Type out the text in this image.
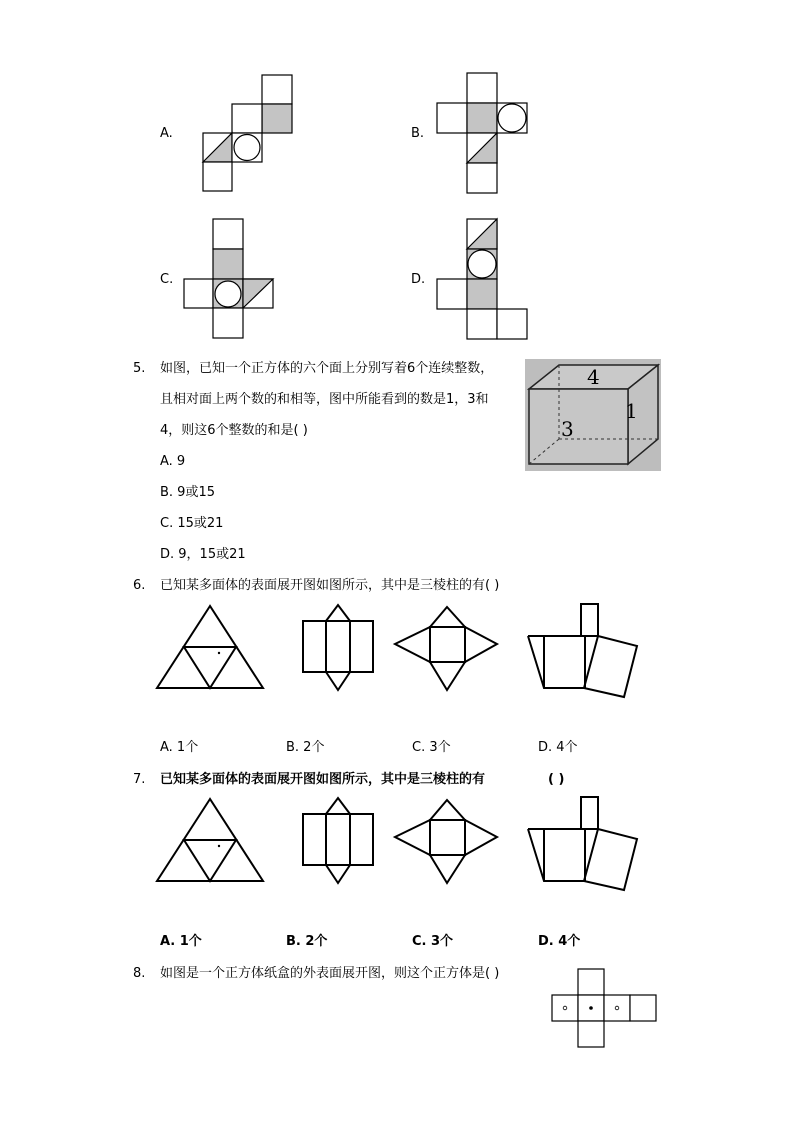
A.	B.
C.	D.
5. 如图，已知一个正方体的六个面上分别写着6个连续整数，
且相对面上两个数的和相等，图中所能看到的数是1，3和
4，则这6个整数的和是( )
A. 9
B. 9或15
C. 15或21
D. 9，15或21
4
3
1
6. 已知某多面体的表面展开图如图所示，其中是三棱柱的有( )
A. 1个	B. 2个	C. 3个	D. 4个
7. 已知某多面体的表面展开图如图所示，其中是三棱柱的有	( )
A. 1个	B. 2个	C. 3个	D. 4个
8. 如图是一个正方体纸盒的外表面展开图，则这个正方体是( )
